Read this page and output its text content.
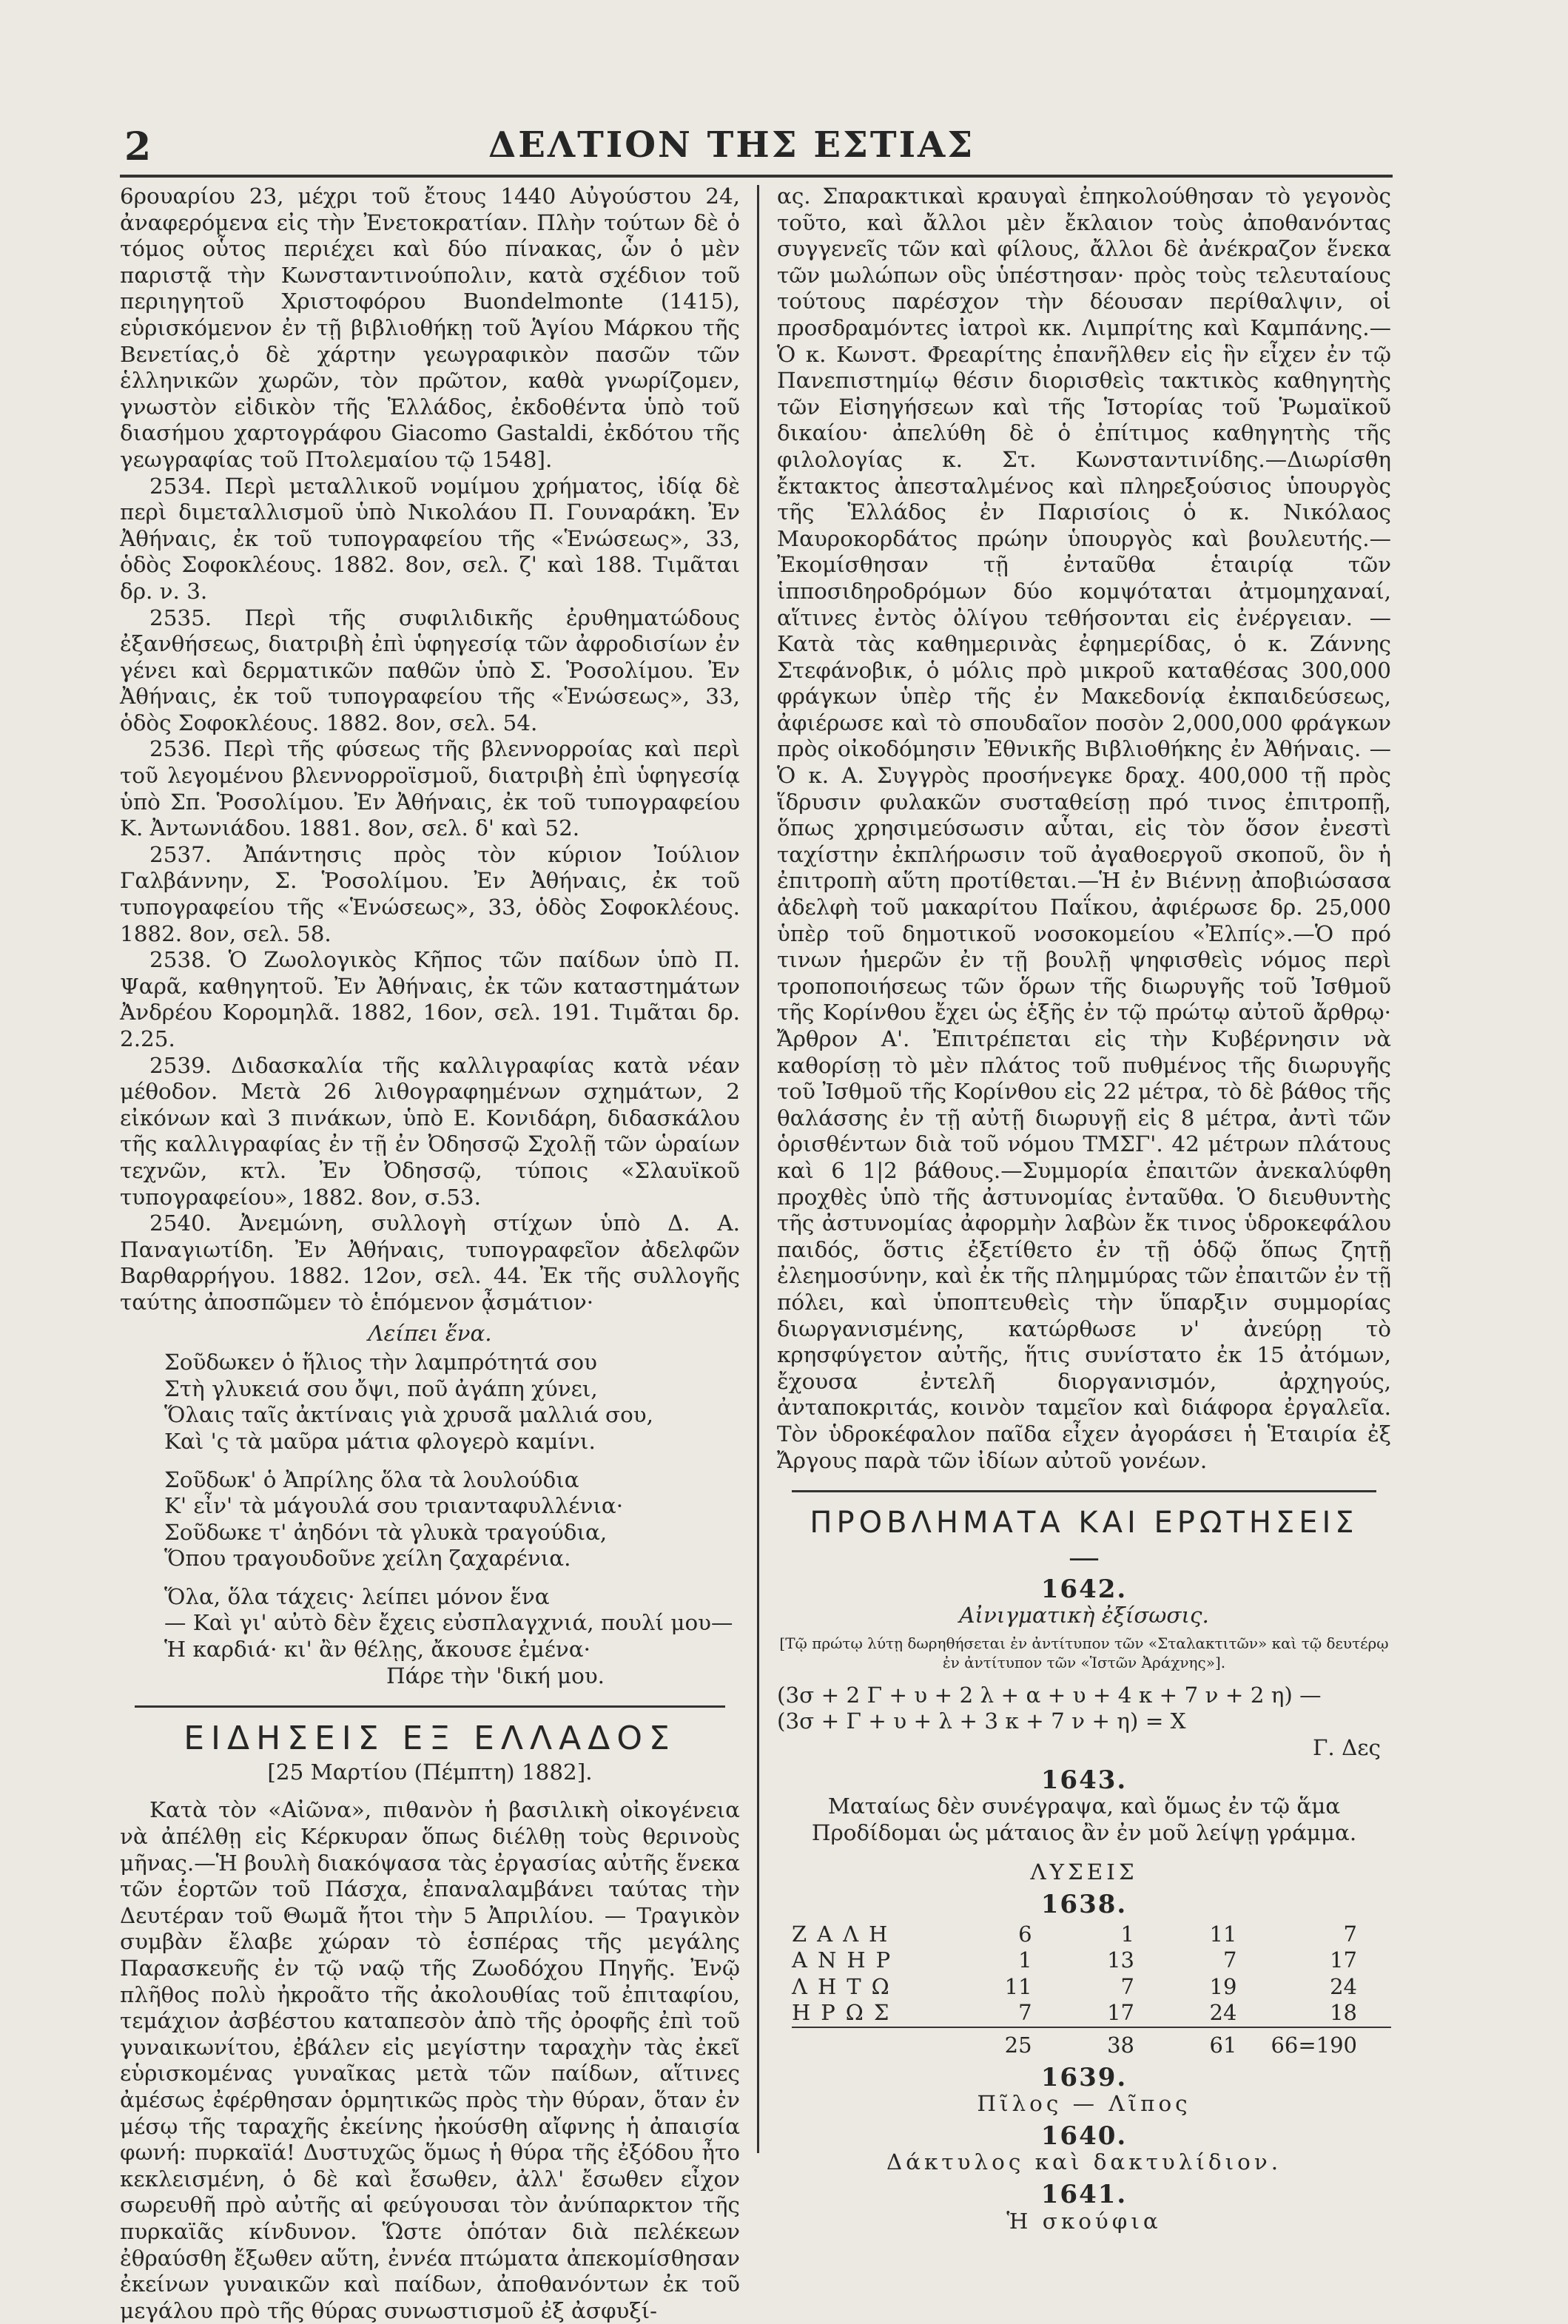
2	ΔΕΛΤΙΟΝ ΤΗΣ ΕΣΤΙΑΣ

6ρουαρίου 23, μέχρι τοῦ ἔτους 1440 Αὐγούστου 24, ἀναφερόμενα εἰς τὴν Ἐνετοκρατίαν. Πλὴν τούτων δὲ ὁ τόμος οὗτος περιέχει καὶ δύο πίνακας, ὧν ὁ μὲν παριστᾷ τὴν Κωνσταντινούπολιν, κατὰ σχέδιον τοῦ περιηγητοῦ Χριστοφόρου Buondelmonte (1415), εὑρισκόμενον ἐν τῇ βιβλιοθήκῃ τοῦ Ἁγίου Μάρκου τῆς Βενετίας,ὁ δὲ χάρτην γεωγραφικὸν πασῶν τῶν ἑλληνικῶν χωρῶν, τὸν πρῶτον, καθὰ γνωρίζομεν, γνωστὸν εἰδικὸν τῆς Ἑλλάδος, ἐκδοθέντα ὑπὸ τοῦ διασήμου χαρτογράφου Giacomo Gastaldi, ἐκδότου τῆς γεωγραφίας τοῦ Πτολεμαίου τῷ 1548].

2534. Περὶ μεταλλικοῦ νομίμου χρήματος, ἰδίᾳ δὲ περὶ διμεταλλισμοῦ ὑπὸ Νικολάου Π. Γουναράκη. Ἐν Ἀθήναις, ἐκ τοῦ τυπογραφείου τῆς «Ἑνώσεως», 33, ὁδὸς Σοφοκλέους. 1882. 8ον, σελ. ζ' καὶ 188. Τιμᾶται δρ. ν. 3.

2535. Περὶ τῆς συφιλιδικῆς ἐρυθηματώδους ἐξανθήσεως, διατριβὴ ἐπὶ ὑφηγεσίᾳ τῶν ἀφροδισίων ἐν γένει καὶ δερματικῶν παθῶν ὑπὸ Σ. Ῥοσολίμου. Ἐν Ἀθήναις, ἐκ τοῦ τυπογραφείου τῆς «Ἑνώσεως», 33, ὁδὸς Σοφοκλέους. 1882. 8ον, σελ. 54.

2536. Περὶ τῆς φύσεως τῆς βλεννορροίας καὶ περὶ τοῦ λεγομένου βλεννορροϊσμοῦ, διατριβὴ ἐπὶ ὑφηγεσίᾳ ὑπὸ Σπ. Ῥοσολίμου. Ἐν Ἀθήναις, ἐκ τοῦ τυπογραφείου Κ. Ἀντωνιάδου. 1881. 8ον, σελ. δ' καὶ 52.

2537. Ἀπάντησις πρὸς τὸν κύριον Ἰούλιον Γαλβάννην, Σ. Ῥοσολίμου. Ἐν Ἀθήναις, ἐκ τοῦ τυπογραφείου τῆς «Ἑνώσεως», 33, ὁδὸς Σοφοκλέους. 1882. 8ον, σελ. 58.

2538. Ὁ Ζωολογικὸς Κῆπος τῶν παίδων ὑπὸ Π. Ψαρᾶ, καθηγητοῦ. Ἐν Ἀθήναις, ἐκ τῶν καταστημάτων Ἀνδρέου Κορομηλᾶ. 1882, 16ον, σελ. 191. Τιμᾶται δρ. 2.25.

2539. Διδασκαλία τῆς καλλιγραφίας κατὰ νέαν μέθοδον. Μετὰ 26 λιθογραφημένων σχημάτων, 2 εἰκόνων καὶ 3 πινάκων, ὑπὸ Ε. Κονιδάρη, διδασκάλου τῆς καλλιγραφίας ἐν τῇ ἐν Ὀδησσῷ Σχολῇ τῶν ὡραίων τεχνῶν, κτλ. Ἐν Ὀδησσῷ, τύποις «Σλαυϊκοῦ τυπογραφείου», 1882. 8ον, σ.53.

2540. Ἀνεμώνη, συλλογὴ στίχων ὑπὸ Δ. Α. Παναγιωτίδη. Ἐν Ἀθήναις, τυπογραφεῖον ἀδελφῶν Βαρθαρρήγου. 1882. 12ον, σελ. 44. Ἐκ τῆς συλλογῆς ταύτης ἀποσπῶμεν τὸ ἑπόμενον ᾆσμάτιον·

Λείπει ἕνα.
Σοῦδωκεν ὁ ἥλιος τὴν λαμπρότητά σου
Στὴ γλυκειά σου ὄψι, ποῦ ἀγάπη χύνει,
Ὅλαις ταῖς ἀκτίναις γιὰ χρυσᾶ μαλλιά σου,
Καὶ 'ς τὰ μαῦρα μάτια φλογερὸ καμίνι.
Σοῦδωκ' ὁ Ἀπρίλης ὅλα τὰ λουλούδια
Κ' εἶν' τὰ μάγουλά σου τριανταφυλλένια·
Σοῦδωκε τ' ἀηδόνι τὰ γλυκὰ τραγούδια,
Ὅπου τραγουδοῦνε χείλη ζαχαρένια.
Ὅλα, ὅλα τάχεις· λείπει μόνον ἕνα
— Καὶ γι' αὐτὸ δὲν ἔχεις εὐσπλαγχνιά, πουλί μου—
Ἡ καρδιά· κι' ἂν θέλῃς, ἄκουσε ἐμένα·
Πάρε τὴν 'δική μου.
ΕΙΔΗΣΕΙΣ ΕΞ ΕΛΛΑΔΟΣ
[25 Μαρτίου (Πέμπτη) 1882].

Κατὰ τὸν «Αἰῶνα», πιθανὸν ἡ βασιλικὴ οἰκογένεια νὰ ἀπέλθῃ εἰς Κέρκυραν ὅπως διέλθῃ τοὺς θερινοὺς μῆνας.—Ἡ βουλὴ διακόψασα τὰς ἐργασίας αὐτῆς ἕνεκα τῶν ἑορτῶν τοῦ Πάσχα, ἐπαναλαμβάνει ταύτας τὴν Δευτέραν τοῦ Θωμᾶ ἤτοι τὴν 5 Ἀπριλίου. — Τραγικὸν συμβὰν ἔλαβε χώραν τὸ ἑσπέρας τῆς μεγάλης Παρασκευῆς ἐν τῷ ναῷ τῆς Ζωοδόχου Πηγῆς. Ἐνῷ πλῆθος πολὺ ἠκροᾶτο τῆς ἀκολουθίας τοῦ ἐπιταφίου, τεμάχιον ἀσβέστου καταπεσὸν ἀπὸ τῆς ὀροφῆς ἐπὶ τοῦ γυναικωνίτου, ἐβάλεν εἰς μεγίστην ταραχὴν τὰς ἐκεῖ εὑρισκομένας γυναῖκας μετὰ τῶν παίδων, αἵτινες ἀμέσως ἐφέρθησαν ὁρμητικῶς πρὸς τὴν θύραν, ὅταν ἐν μέσῳ τῆς ταραχῆς ἐκείνης ἠκούσθη αἴφνης ἡ ἀπαισία φωνή: πυρκαϊά! Δυστυχῶς ὅμως ἡ θύρα τῆς ἐξόδου ἦτο κεκλεισμένη, ὁ δὲ καὶ ἔσωθεν, ἀλλ' ἔσωθεν εἶχον σωρευθῆ πρὸ αὐτῆς αἱ φεύγουσαι τὸν ἀνύπαρκτον τῆς πυρκαϊᾶς κίνδυνον. Ὥστε ὁπόταν διὰ πελέκεων ἐθραύσθη ἔξωθεν αὕτη, ἐννέα πτώματα ἀπεκομίσθησαν ἐκείνων γυναικῶν καὶ παίδων, ἀποθανόντων ἐκ τοῦ μεγάλου πρὸ τῆς θύρας συνωστισμοῦ ἐξ ἀσφυξί-

ας. Σπαρακτικαὶ κραυγαὶ ἐπηκολούθησαν τὸ γεγονὸς τοῦτο, καὶ ἄλλοι μὲν ἔκλαιον τοὺς ἀποθανόντας συγγενεῖς τῶν καὶ φίλους, ἄλλοι δὲ ἀνέκραζον ἕνεκα τῶν μωλώπων οὓς ὑπέστησαν· πρὸς τοὺς τελευταίους τούτους παρέσχον τὴν δέουσαν περίθαλψιν, οἱ προσδραμόντες ἰατροὶ κκ. Λιμπρίτης καὶ Καμπάνης.—Ὁ κ. Κωνστ. Φρεαρίτης ἐπανῆλθεν εἰς ἣν εἶχεν ἐν τῷ Πανεπιστημίῳ θέσιν διορισθεὶς τακτικὸς καθηγητὴς τῶν Εἰσηγήσεων καὶ τῆς Ἱστορίας τοῦ Ῥωμαϊκοῦ δικαίου· ἀπελύθη δὲ ὁ ἐπίτιμος καθηγητὴς τῆς φιλολογίας κ. Στ. Κωνσταντινίδης.—Διωρίσθη ἔκτακτος ἀπεσταλμένος καὶ πληρεξούσιος ὑπουργὸς τῆς Ἑλλάδος ἐν Παρισίοις ὁ κ. Νικόλαος Μαυροκορδάτος πρώην ὑπουργὸς καὶ βουλευτής.— Ἐκομίσθησαν τῇ ἐνταῦθα ἑταιρίᾳ τῶν ἱπποσιδηροδρόμων δύο κομψόταται ἀτμομηχαναί, αἵτινες ἐντὸς ὀλίγου τεθήσονται εἰς ἐνέργειαν. — Κατὰ τὰς καθημερινὰς ἐφημερίδας, ὁ κ. Ζάννης Στεφάνοβικ, ὁ μόλις πρὸ μικροῦ καταθέσας 300,000 φράγκων ὑπὲρ τῆς ἐν Μακεδονίᾳ ἐκπαιδεύσεως, ἀφιέρωσε καὶ τὸ σπουδαῖον ποσὸν 2,000,000 φράγκων πρὸς οἰκοδόμησιν Ἐθνικῆς Βιβλιοθήκης ἐν Ἀθήναις. — Ὁ κ. Α. Συγγρὸς προσήνεγκε δραχ. 400,000 τῇ πρὸς ἵδρυσιν φυλακῶν συσταθείσῃ πρό τινος ἐπιτροπῇ, ὅπως χρησιμεύσωσιν αὗται, εἰς τὸν ὅσον ἐνεστὶ ταχίστην ἐκπλήρωσιν τοῦ ἀγαθοεργοῦ σκοποῦ, ὃν ἡ ἐπιτροπὴ αὕτη προτίθεται.—Ἡ ἐν Βιέννῃ ἀποβιώσασα ἀδελφὴ τοῦ μακαρίτου Παΐκου, ἀφιέρωσε δρ. 25,000 ὑπὲρ τοῦ δημοτικοῦ νοσοκομείου «Ἐλπίς».—Ὁ πρό τινων ἡμερῶν ἐν τῇ βουλῇ ψηφισθεὶς νόμος περὶ τροποποιήσεως τῶν ὅρων τῆς διωρυγῆς τοῦ Ἰσθμοῦ τῆς Κορίνθου ἔχει ὡς ἑξῆς ἐν τῷ πρώτῳ αὐτοῦ ἄρθρῳ· Ἄρθρον Α'. Ἐπιτρέπεται εἰς τὴν Κυβέρνησιν νὰ καθορίσῃ τὸ μὲν πλάτος τοῦ πυθμένος τῆς διωρυγῆς τοῦ Ἰσθμοῦ τῆς Κορίνθου εἰς 22 μέτρα, τὸ δὲ βάθος τῆς θαλάσσης ἐν τῇ αὐτῇ διωρυγῇ εἰς 8 μέτρα, ἀντὶ τῶν ὁρισθέντων διὰ τοῦ νόμου ΤΜΣΓ'. 42 μέτρων πλάτους καὶ 6 1|2 βάθους.—Συμμορία ἐπαιτῶν ἀνεκαλύφθη προχθὲς ὑπὸ τῆς ἀστυνομίας ἐνταῦθα. Ὁ διευθυντὴς τῆς ἀστυνομίας ἀφορμὴν λαβὼν ἔκ τινος ὑδροκεφάλου παιδός, ὅστις ἐξετίθετο ἐν τῇ ὁδῷ ὅπως ζητῇ ἐλεημοσύνην, καὶ ἐκ τῆς πλημμύρας τῶν ἐπαιτῶν ἐν τῇ πόλει, καὶ ὑποπτευθεὶς τὴν ὕπαρξιν συμμορίας διωργανισμένης, κατώρθωσε ν' ἀνεύρῃ τὸ κρησφύγετον αὐτῆς, ἥτις συνίστατο ἐκ 15 ἀτόμων, ἔχουσα ἐντελῆ διοργανισμόν, ἀρχηγούς, ἀνταποκριτάς, κοινὸν ταμεῖον καὶ διάφορα ἐργαλεῖα. Τὸν ὑδροκέφαλον παῖδα εἶχεν ἀγοράσει ἡ Ἑταιρία ἐξ Ἄργους παρὰ τῶν ἰδίων αὐτοῦ γονέων.

ΠΡΟΒΛΗΜΑΤΑ ΚΑΙ ΕΡΩΤΗΣΕΙΣ
—
1642.
Αἰνιγματικὴ ἐξίσωσις.
[Τῷ πρώτῳ λύτῃ δωρηθήσεται ἐν ἀντίτυπον τῶν «Σταλακτιτῶν» καὶ τῷ δευτέρῳ ἐν ἀντίτυπον τῶν «Ἱστῶν Ἀράχνης»].
(3σ + 2 Γ + υ + 2 λ + α + υ + 4 κ + 7 ν + 2 η) —
(3σ + Γ + υ + λ + 3 κ + 7 ν + η) = Χ
Γ. Δες
1643.
Ματαίως δὲν συνέγραψα, καὶ ὅμως ἐν τῷ ἅμα
Προδίδομαι ὡς μάταιος ἂν ἐν μοῦ λείψῃ γράμμα.
ΛΥΣΕΙΣ
1638.
ΖΑΛΗ	6	1	11	7
ΑΝΗΡ	1	13	7	17
ΛΗΤΩ	11	7	19	24
ΗΡΩΣ	7	17	24	18
	25	38	61	66=190
1639.
Πῖλος — Λῖπος
1640.
Δάκτυλος καὶ δακτυλίδιον.
1641.
Ἡ σκούφια
